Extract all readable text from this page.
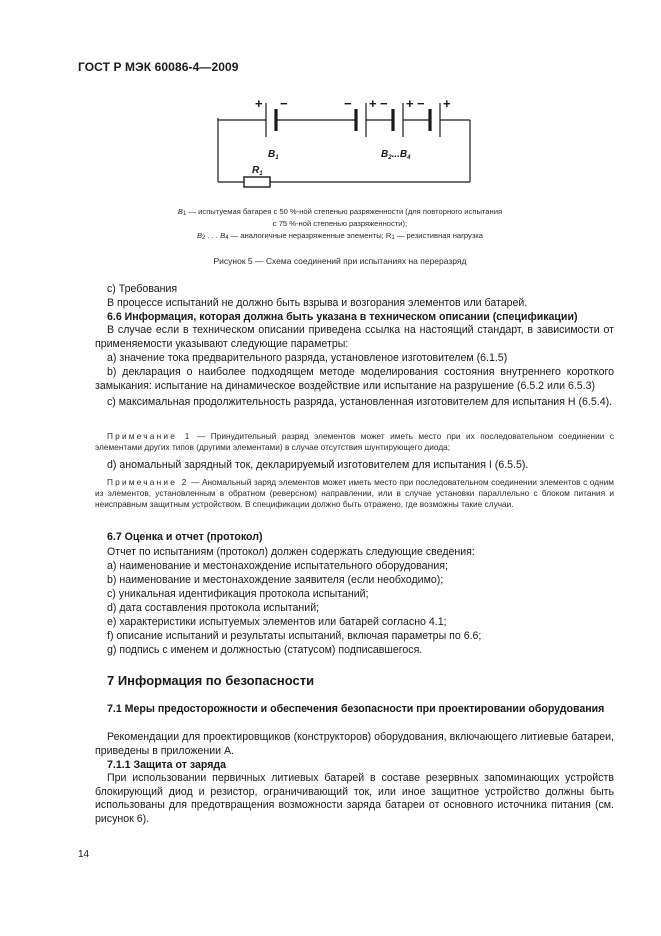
ГОСТ Р МЭК 60086-4—2009
+ −	− + − + − +
$B_1$	$B_2...B_4$
$R_1$
B1 — испытуемая батарея с 50 %-ной степенью разряженности (для повторного испытания
с 75 %-ной степенью разряженности);
B2 . . . B4 — аналогичные неразряженные элементы; R1 — резистивная нагрузка
Рисунок 5 — Схема соединений при испытаниях на переразряд
c) Требования
В процессе испытаний не должно быть взрыва и возгорания элементов или батарей.
6.6 Информация, которая должна быть указана в техническом описании (спецификации)
В случае если в техническом описании приведена ссылка на настоящий стандарт, в зависимости от применяемости указывают следующие параметры:
a) значение тока предварительного разряда, установленое изготовителем (6.1.5)
b) декларация о наиболее подходящем методе моделирования состояния внутреннего короткого замыкания: испытание на динамическое воздействие или испытание на разрушение (6.5.2 или 6.5.3)
c) максимальная продолжительность разряда, установленная изготовителем для испытания Н (6.5.4).
Примечание 1 — Принудительный разряд элементов может иметь место при их последовательном соединении с элементами других типов (другими элементами) в случае отсутствия шунтирующего диода;
d) аномальный зарядный ток, декларируемый изготовителем для испытания I (6.5.5).
Примечание 2 — Аномальный заряд элементов может иметь место при последовательном соединении элементов с одним из элементов, установленным в обратном (реверсном) направлении, или в случае установки параллельно с блоком питания и неисправным защитным устройством. В спецификации должно быть отражено, где возможны такие случаи.
6.7 Оценка и отчет (протокол)
Отчет по испытаниям (протокол) должен содержать следующие сведения:
a) наименование и местонахождение испытательного оборудования;
b) наименование и местонахождение заявителя (если необходимо);
c) уникальная идентификация протокола испытаний;
d) дата составления протокола испытаний;
e) характеристики испытуемых элементов или батарей согласно 4.1;
f) описание испытаний и результаты испытаний, включая параметры по 6.6;
g) подпись с именем и должностью (статусом) подписавшегося.
7 Информация по безопасности
7.1 Меры предосторожности и обеспечения безопасности при проектировании оборудования
Рекомендации для проектировщиков (конструкторов) оборудования, включающего литиевые батареи, приведены в приложении А.
7.1.1 Защита от заряда
При использовании первичных литиевых батарей в составе резервных запоминающих устройств блокирующий диод и резистор, ограничивающий ток, или иное защитное устройство должны быть использованы для предотвращения возможности заряда батареи от основного источника питания (см. рисунок 6).
14
